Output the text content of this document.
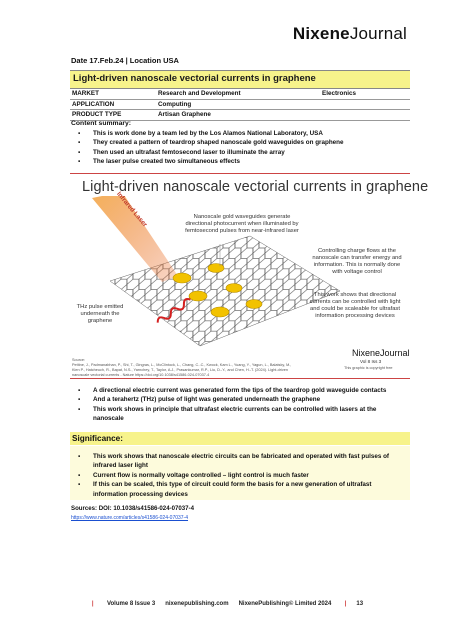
NixeneJournal
Date 17.Feb.24 | Location USA
Light-driven nanoscale vectorial currents in graphene
MARKET	Research and Development	Electronics
APPLICATION	Computing	
PRODUCT TYPE	Artisan Graphene	
Content summary:
▪ This is work done by a team led by the Los Alamos National Laboratory, USA
▪ They created a pattern of teardrop shaped nanoscale gold waveguides on graphene
▪ Then used an ultrafast femtosecond laser to illuminate the array
▪ The laser pulse created two simultaneous effects
Light-driven nanoscale vectorial currents in graphene
Infrared Laser	Nanoscale gold waveguides generate
directional photocurrent when illuminated by
femtosecond pulses from near-infrared laser
Controlling charge flows at the
nanoscale can transfer energy and
information. This is normally done
with voltage control
THz pulse emitted
underneath the
graphene
This work shows that directional
currents can be controlled with light
and could be scaleable for ultrafast
information processing devices
Source:
Pettine, J., Padmanabhan, P., Shi, T., Gingras, L., McClintock, L., Chang, C.-C., Kwock, Kam L., Yuang, Y., Yagun, L., Balatsky, M.,
Kien P., Hatcheuch, R., Bapat, N.S., Yarnchey, T., Taylor, A.J., Prasankumar, R.P., Liu, D.-Y., and Chen, H.-T. (2024). Light-driven
nanoscale vectorial currents - Nature https://doi.org/10.1038/s41586-024-07037-4
NixeneJournal
Vol 8 Iss 3
This graphic is copyright free
▪ A directional electric current was generated form the tips of the teardrop gold waveguide contacts
▪ And a terahertz (THz) pulse of light was generated underneath the graphene
▪ This work shows in principle that ultrafast electric currents can be controlled with lasers at the nanoscale
Significance:
▪ This work shows that nanoscale electric circuits can be fabricated and operated with fast pulses of infrared laser light
▪ Current flow is normally voltage controlled – light control is much faster
▪ If this can be scaled, this type of circuit could form the basis for a new generation of ultrafast information processing devices
Sources: DOI: 10.1038/s41586-024-07037-4
https://www.nature.com/articles/s41586-024-07037-4
| Volume 8 Issue 3 nixenepublishing.com NixenePublishing© Limited 2024 | 13
